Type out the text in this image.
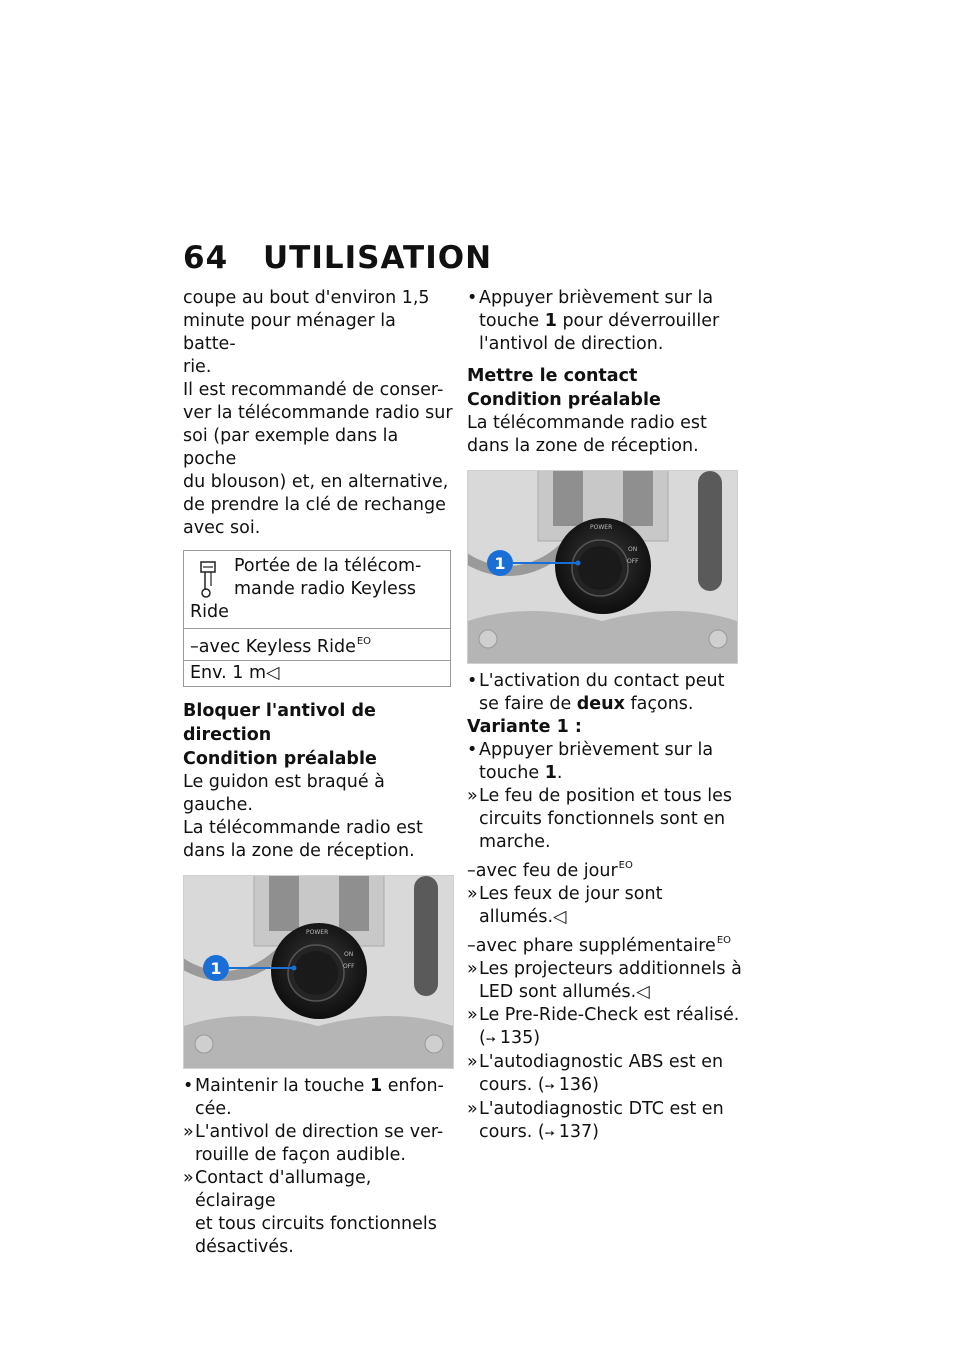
64 UTILISATION

coupe au bout d'environ 1,5

minute pour ménager la batte-

rie.

Il est recommandé de conser-

ver la télécommande radio sur

soi (par exemple dans la poche

du blouson) et, en alternative,

de prendre la clé de rechange

avec soi.

Portée de la télécom-
mande radio Keyless
Ride
–avec Keyless Ride$^{EO}$
Env. 1 m◁

Bloquer l'antivol de direction

Condition préalable

Le guidon est braqué à gauche.

La télécommande radio est

dans la zone de réception.

POWER
ON
OFF
1
• Maintenir la touche 1 enfon-
cée.
» L'antivol de direction se ver-
rouille de façon audible.
» Contact d'allumage, éclairage
et tous circuits fonctionnels
désactivés.
• Appuyer brièvement sur la
touche 1 pour déverrouiller
l'antivol de direction.

Mettre le contact

Condition préalable

La télécommande radio est

dans la zone de réception.

POWER
ON
OFF
1
• L'activation du contact peut
se faire de deux façons.

Variante 1 :

• Appuyer brièvement sur la
touche 1.
» Le feu de position et tous les
circuits fonctionnels sont en
marche.

–avec feu de jour$^{EO}$

» Les feux de jour sont
allumés.◁

–avec phare supplémentaire$^{EO}$

» Les projecteurs additionnels à
LED sont allumés.◁
» Le Pre-Ride-Check est réalisé.
(➙ 135)
» L'autodiagnostic ABS est en
cours. (➙ 136)
» L'autodiagnostic DTC est en
cours. (➙ 137)
